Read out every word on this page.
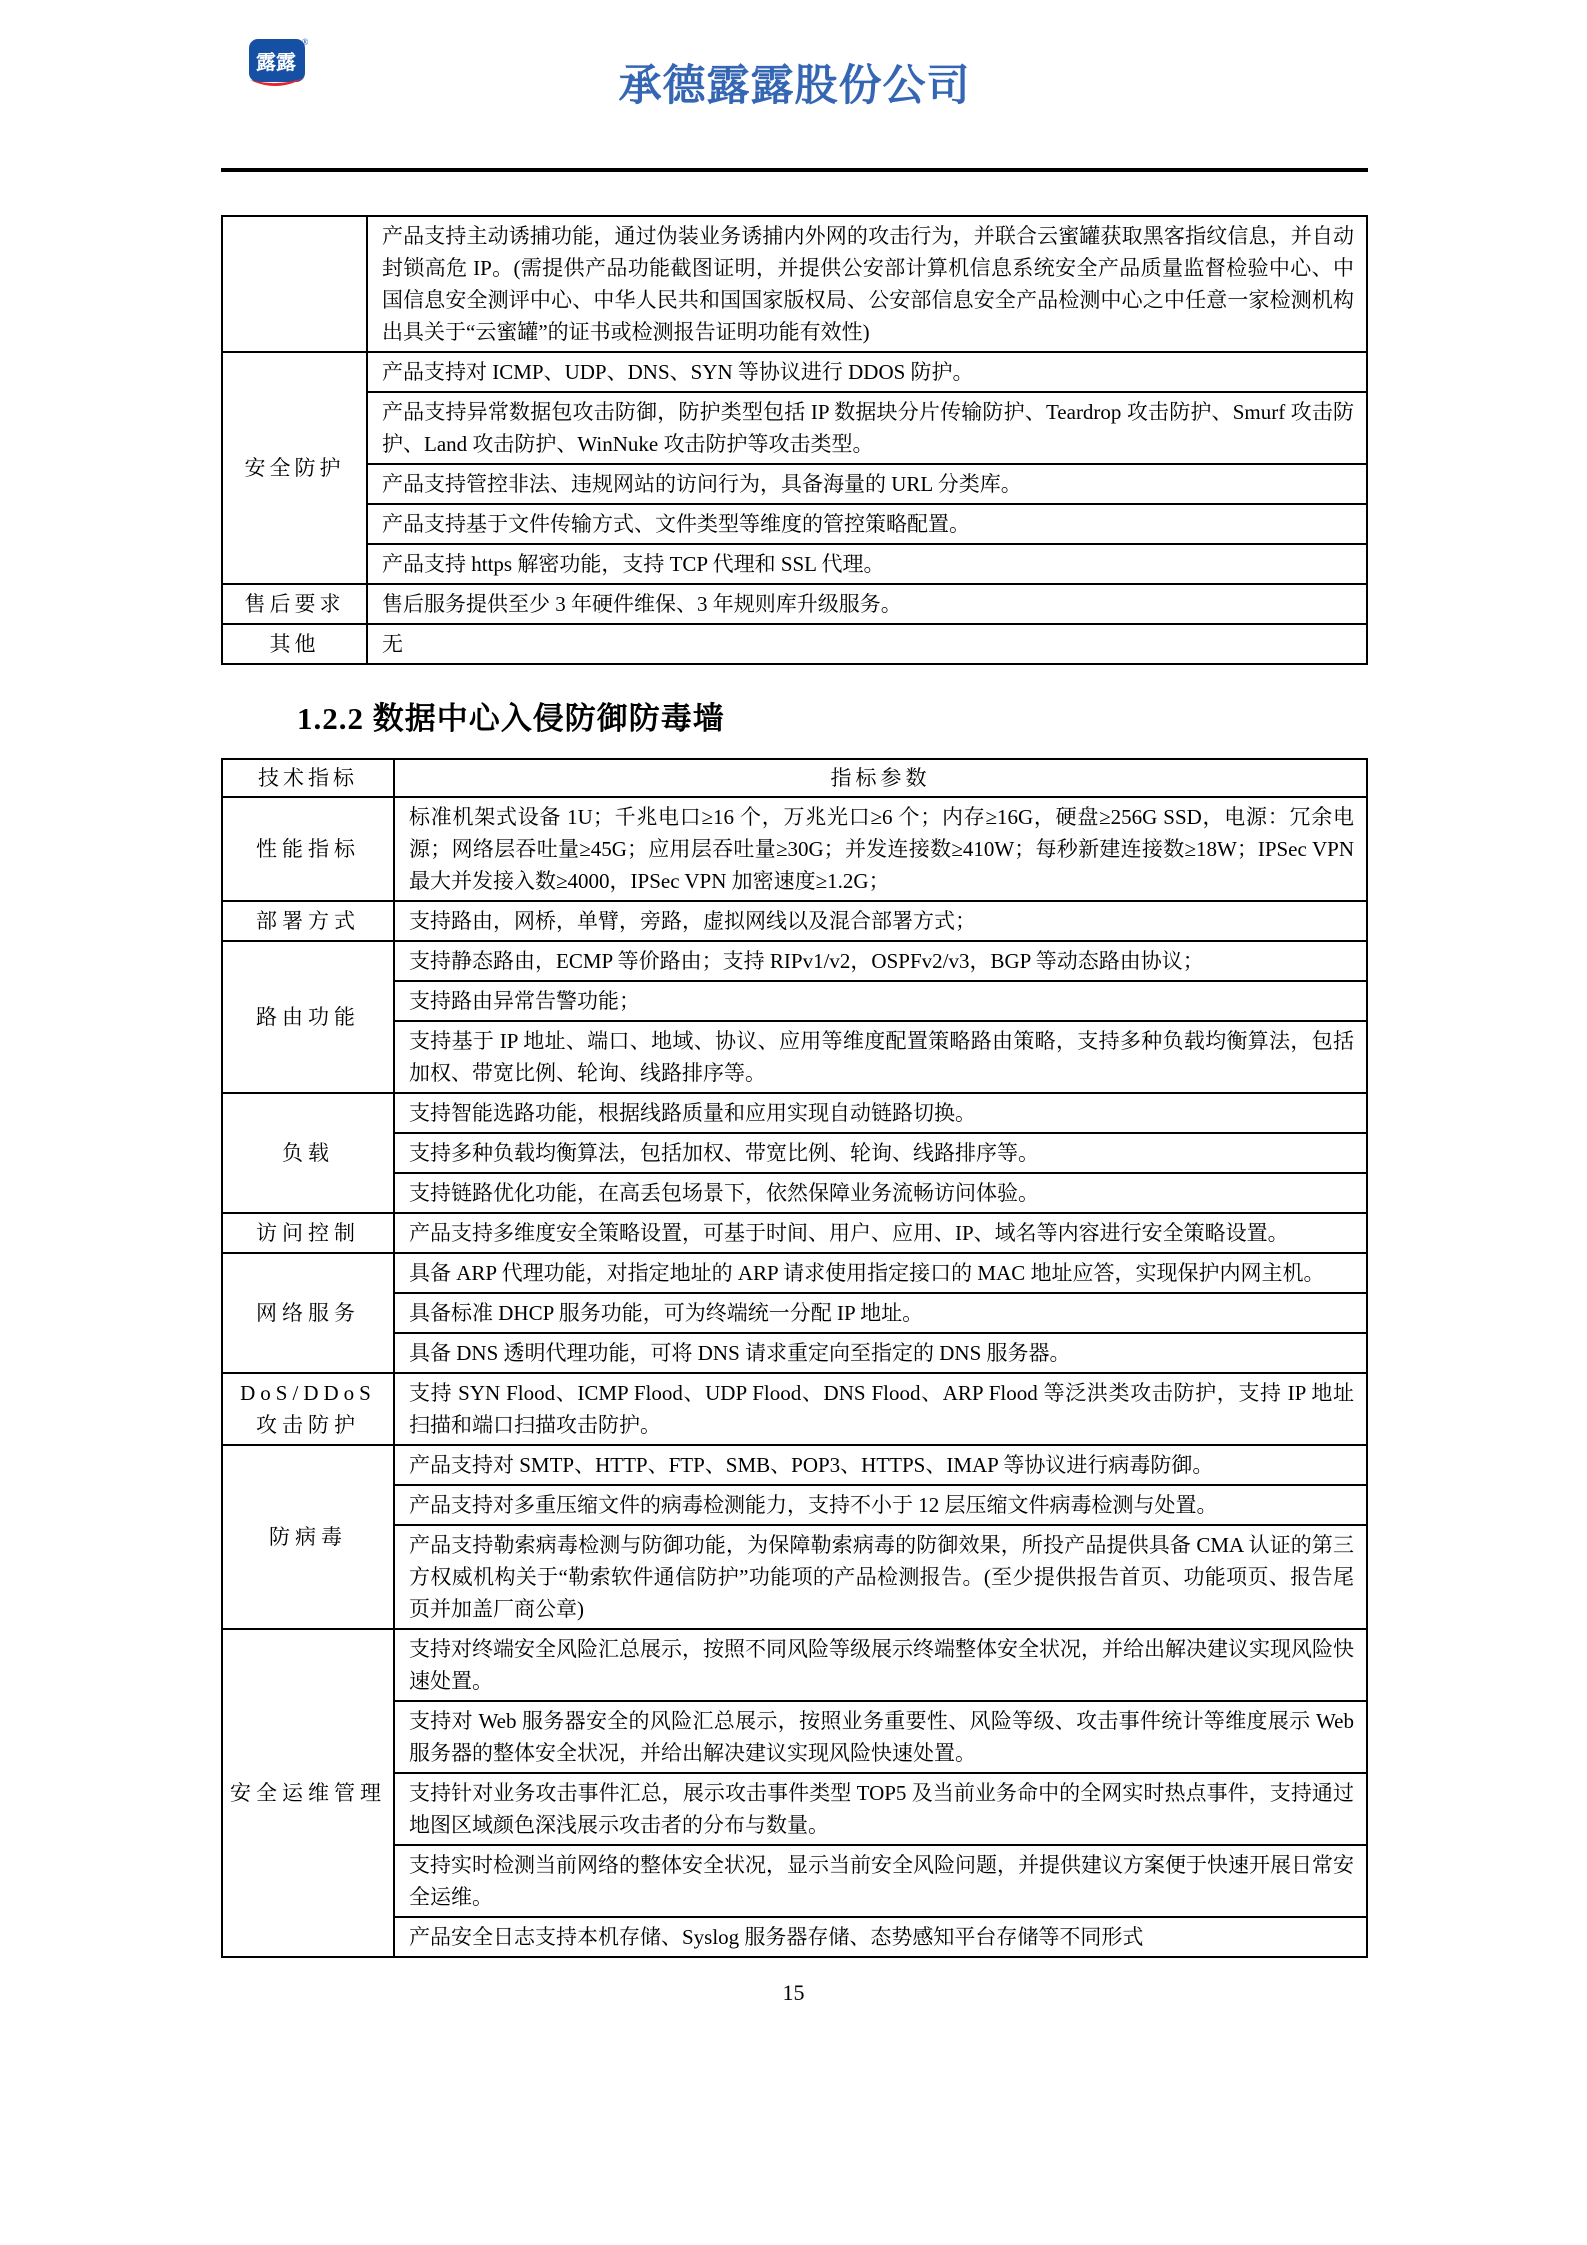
露露
®
承德露露股份公司
	产品支持主动诱捕功能，通过伪装业务诱捕内外网的攻击行为，并联合云蜜罐获取黑客指纹信息，并自动封锁高危 IP。(需提供产品功能截图证明，并提供公安部计算机信息系统安全产品质量监督检验中心、中国信息安全测评中心、中华人民共和国国家版权局、公安部信息安全产品检测中心之中任意一家检测机构出具关于“云蜜罐”的证书或检测报告证明功能有效性)
安全防护	产品支持对 ICMP、UDP、DNS、SYN 等协议进行 DDOS 防护。
	产品支持异常数据包攻击防御，防护类型包括 IP 数据块分片传输防护、Teardrop 攻击防护、Smurf 攻击防护、Land 攻击防护、WinNuke 攻击防护等攻击类型。
	产品支持管控非法、违规网站的访问行为，具备海量的 URL 分类库。
	产品支持基于文件传输方式、文件类型等维度的管控策略配置。
	产品支持 https 解密功能，支持 TCP 代理和 SSL 代理。
售后要求	售后服务提供至少 3 年硬件维保、3 年规则库升级服务。
其他	无
1.2.2 数据中心入侵防御防毒墙
技术指标	指标参数
性能指标	标准机架式设备 1U；千兆电口≥16 个，万兆光口≥6 个；内存≥16G，硬盘≥256G SSD，电源：冗余电源；网络层吞吐量≥45G；应用层吞吐量≥30G；并发连接数≥410W；每秒新建连接数≥18W；IPSec VPN 最大并发接入数≥4000，IPSec VPN 加密速度≥1.2G；
部署方式	支持路由，网桥，单臂，旁路，虚拟网线以及混合部署方式；
路由功能	支持静态路由，ECMP 等价路由；支持 RIPv1/v2，OSPFv2/v3，BGP 等动态路由协议；
	支持路由异常告警功能；
	支持基于 IP 地址、端口、地域、协议、应用等维度配置策略路由策略，支持多种负载均衡算法，包括加权、带宽比例、轮询、线路排序等。
负载	支持智能选路功能，根据线路质量和应用实现自动链路切换。
	支持多种负载均衡算法，包括加权、带宽比例、轮询、线路排序等。
	支持链路优化功能，在高丢包场景下，依然保障业务流畅访问体验。
访问控制	产品支持多维度安全策略设置，可基于时间、用户、应用、IP、域名等内容进行安全策略设置。
网络服务	具备 ARP 代理功能，对指定地址的 ARP 请求使用指定接口的 MAC 地址应答，实现保护内网主机。
	具备标准 DHCP 服务功能，可为终端统一分配 IP 地址。
	具备 DNS 透明代理功能，可将 DNS 请求重定向至指定的 DNS 服务器。
DoS/DDoS 攻击防护	支持 SYN Flood、ICMP Flood、UDP Flood、DNS Flood、ARP Flood 等泛洪类攻击防护，支持 IP 地址扫描和端口扫描攻击防护。
防病毒	产品支持对 SMTP、HTTP、FTP、SMB、POP3、HTTPS、IMAP 等协议进行病毒防御。
	产品支持对多重压缩文件的病毒检测能力，支持不小于 12 层压缩文件病毒检测与处置。
	产品支持勒索病毒检测与防御功能，为保障勒索病毒的防御效果，所投产品提供具备 CMA 认证的第三方权威机构关于“勒索软件通信防护”功能项的产品检测报告。(至少提供报告首页、功能项页、报告尾页并加盖厂商公章)
安全运维管理	支持对终端安全风险汇总展示，按照不同风险等级展示终端整体安全状况，并给出解决建议实现风险快速处置。
	支持对 Web 服务器安全的风险汇总展示，按照业务重要性、风险等级、攻击事件统计等维度展示 Web 服务器的整体安全状况，并给出解决建议实现风险快速处置。
	支持针对业务攻击事件汇总，展示攻击事件类型 TOP5 及当前业务命中的全网实时热点事件，支持通过地图区域颜色深浅展示攻击者的分布与数量。
	支持实时检测当前网络的整体安全状况，显示当前安全风险问题，并提供建议方案便于快速开展日常安全运维。
	产品安全日志支持本机存储、Syslog 服务器存储、态势感知平台存储等不同形式
15
